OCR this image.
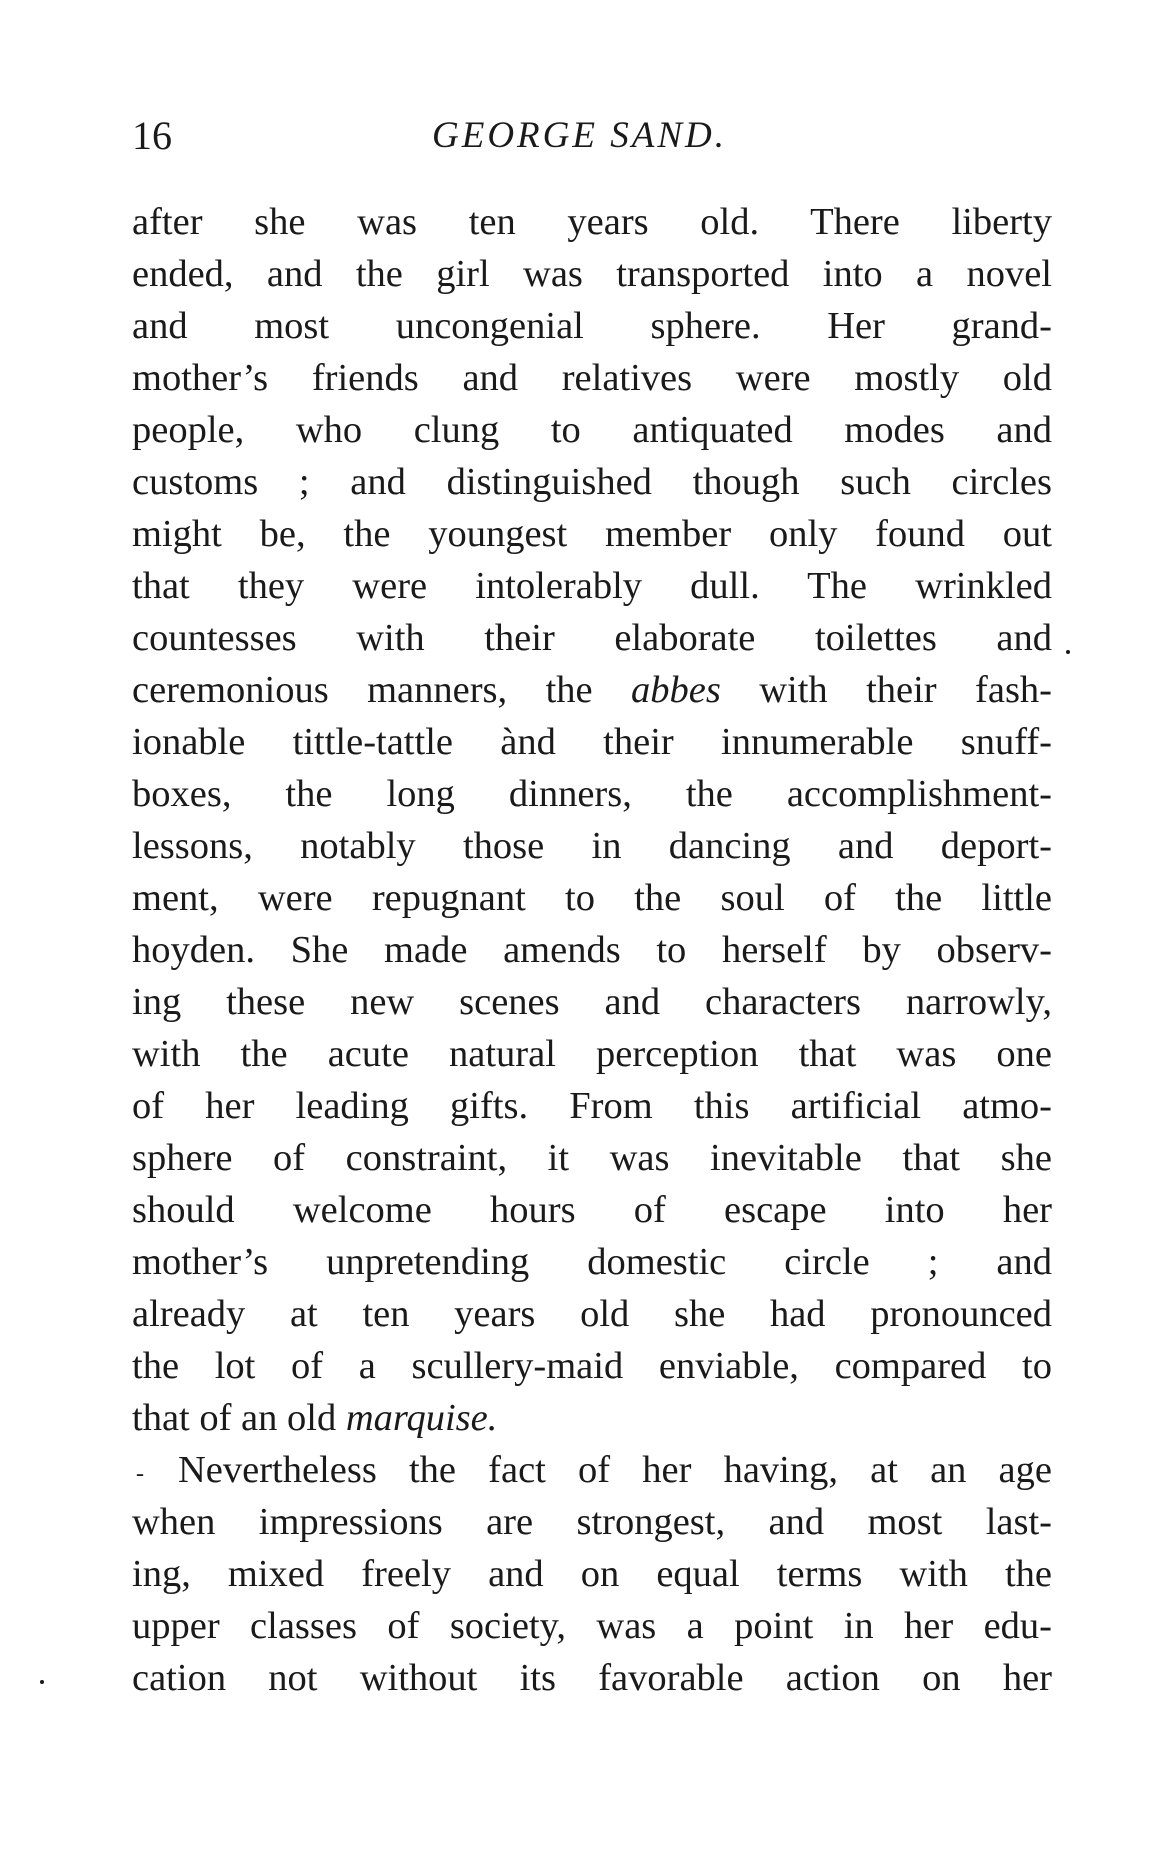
16	GEORGE SAND.
after she was ten years old. There liberty
ended, and the girl was transported into a novel
and most uncongenial sphere. Her grand-
mother’s friends and relatives were mostly old
people, who clung to antiquated modes and
customs ; and distinguished though such circles
might be, the youngest member only found out
that they were intolerably dull. The wrinkled
countesses with their elaborate toilettes and
ceremonious manners, the abbes with their fash-
ionable tittle-tattle ànd their innumerable snuff-
boxes, the long dinners, the accomplishment-
lessons, notably those in dancing and deport-
ment, were repugnant to the soul of the little
hoyden. She made amends to herself by observ-
ing these new scenes and characters narrowly,
with the acute natural perception that was one
of her leading gifts. From this artificial atmo-
sphere of constraint, it was inevitable that she
should welcome hours of escape into her
mother’s unpretending domestic circle ; and
already at ten years old she had pronounced
the lot of a scullery-maid enviable, compared to
that of an old marquise.
Nevertheless the fact of her having, at an age
when impressions are strongest, and most last-
ing, mixed freely and on equal terms with the
upper classes of society, was a point in her edu-
cation not without its favorable action on her
-
